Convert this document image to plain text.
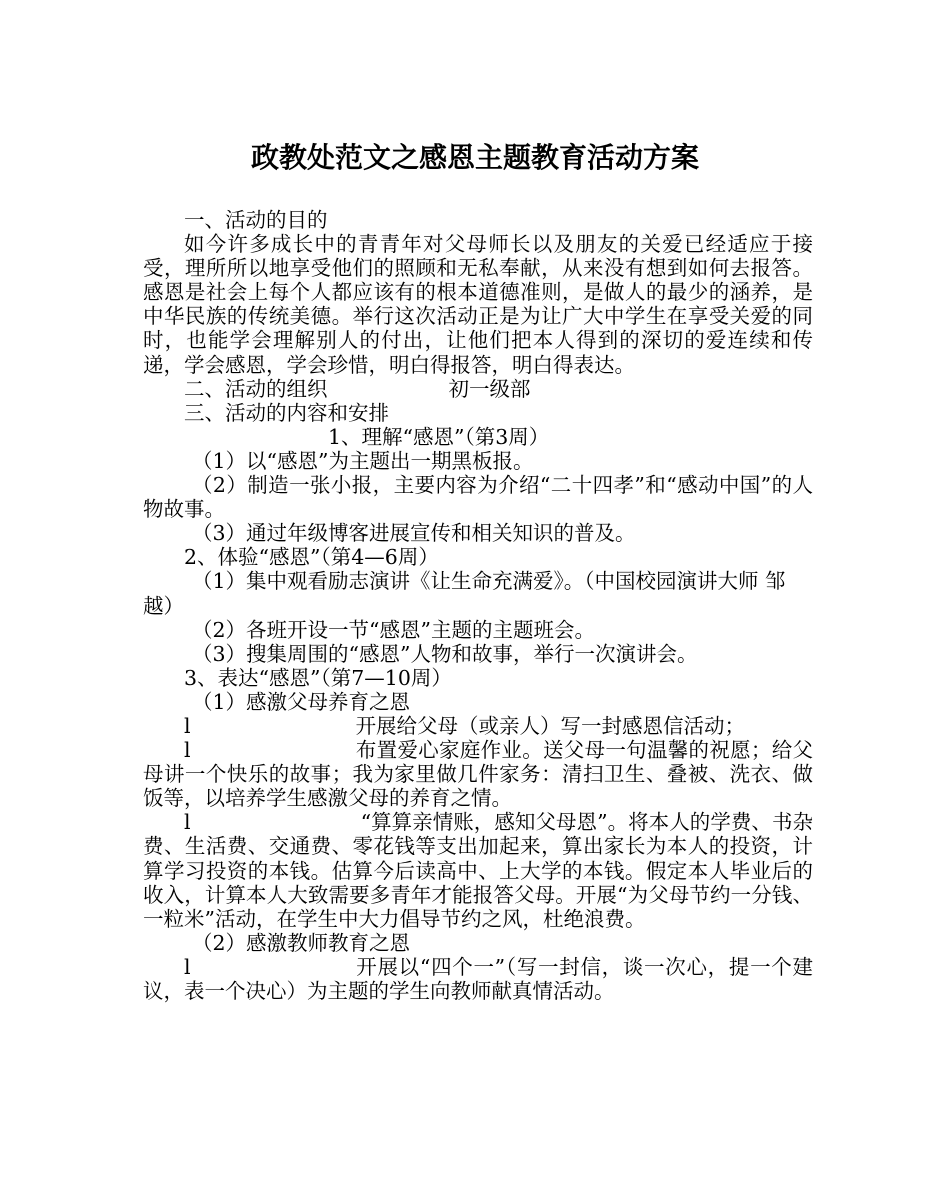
政教处范文之感恩主题教育活动方案

一、活动的目的

如今许多成长中的青青年对父母师长以及朋友的关爱已经适应于接受，理所所以地享受他们的照顾和无私奉献，从来没有想到如何去报答。感恩是社会上每个人都应该有的根本道德准则，是做人的最少的涵养，是中华民族的传统美德。举行这次活动正是为让广大中学生在享受关爱的同时，也能学会理解别人的付出，让他们把本人得到的深切的爱连续和传递，学会感恩，学会珍惜，明白得报答，明白得表达。

二、活动的组织	初一级部

三、活动的内容和安排

1、理解“感恩”（第3周）

（1）以“感恩”为主题出一期黑板报。

（2）制造一张小报，主要内容为介绍“二十四孝”和“感动中国”的人物故事。

（3）通过年级博客进展宣传和相关知识的普及。

2、体验“感恩”（第4—6周）

（1）集中观看励志演讲《让生命充满爱》。（中国校园演讲大师 邹越）

（2）各班开设一节“感恩”主题的主题班会。

（3）搜集周围的“感恩”人物和故事，举行一次演讲会。

3、表达“感恩”（第7—10周）

（1）感激父母养育之恩

l	开展给父母（或亲人）写一封感恩信活动；

l	布置爱心家庭作业。送父母一句温馨的祝愿；给父母讲一个快乐的故事；我为家里做几件家务：清扫卫生、叠被、洗衣、做饭等，以培养学生感激父母的养育之情。

l	“算算亲情账，感知父母恩”。将本人的学费、书杂费、生活费、交通费、零花钱等支出加起来，算出家长为本人的投资，计算学习投资的本钱。估算今后读高中、上大学的本钱。假定本人毕业后的收入，计算本人大致需要多青年才能报答父母。开展“为父母节约一分钱、一粒米”活动，在学生中大力倡导节约之风，杜绝浪费。

（2）感激教师教育之恩

l	开展以“四个一”（写一封信，谈一次心，提一个建议，表一个决心）为主题的学生向教师献真情活动。
